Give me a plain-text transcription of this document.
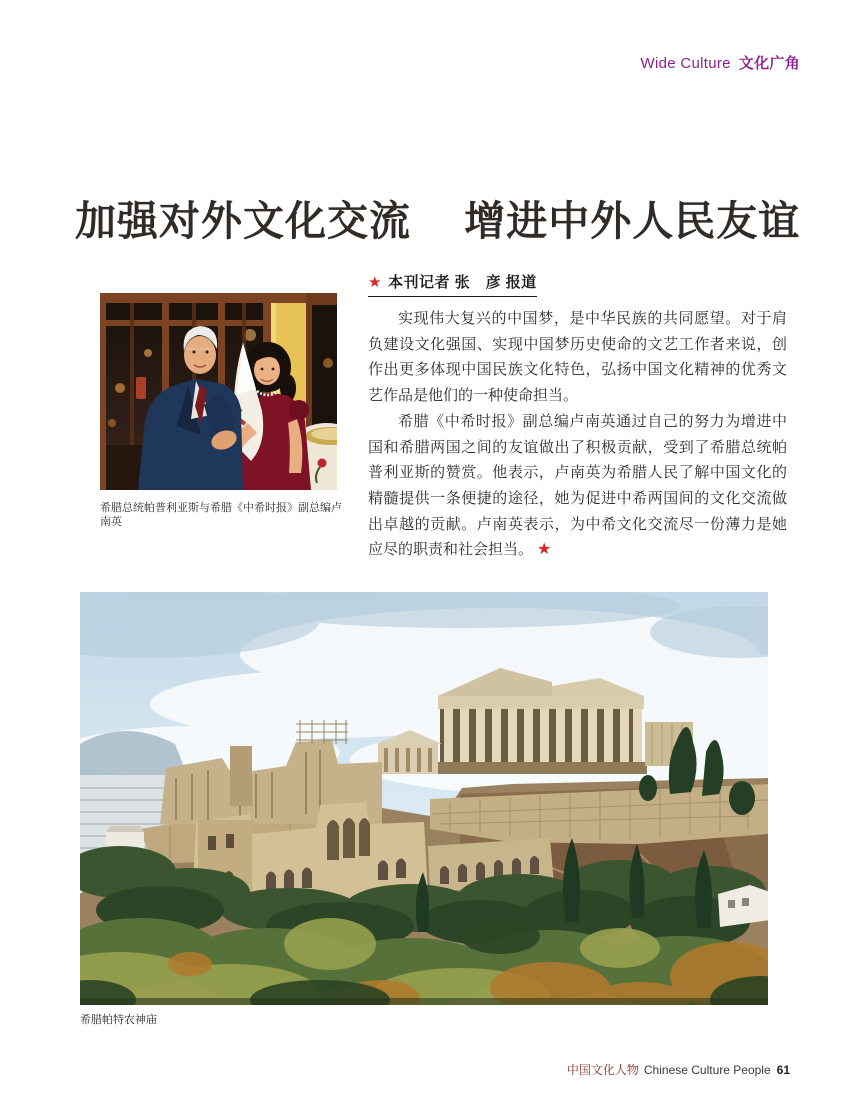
Wide Culture 文化广角
加强对外文化交流　 增进中外人民友谊
希腊总统帕普利亚斯与希腊《中希时报》副总编卢南英
★ 本刊记者 张　彦 报道

实现伟大复兴的中国梦，是中华民族的共同愿望。对于肩负建设文化强国、实现中国梦历史使命的文艺工作者来说，创作出更多体现中国民族文化特色，弘扬中国文化精神的优秀文艺作品是他们的一种使命担当。

希腊《中希时报》副总编卢南英通过自己的努力为增进中国和希腊两国之间的友谊做出了积极贡献，受到了希腊总统帕普利亚斯的赞赏。他表示，卢南英为希腊人民了解中国文化的精髓提供一条便捷的途径，她为促进中希两国间的文化交流做出卓越的贡献。卢南英表示，为中希文化交流尽一份薄力是她应尽的职责和社会担当。 ★

希腊帕特农神庙
中国文化人物 Chinese Culture People 61
